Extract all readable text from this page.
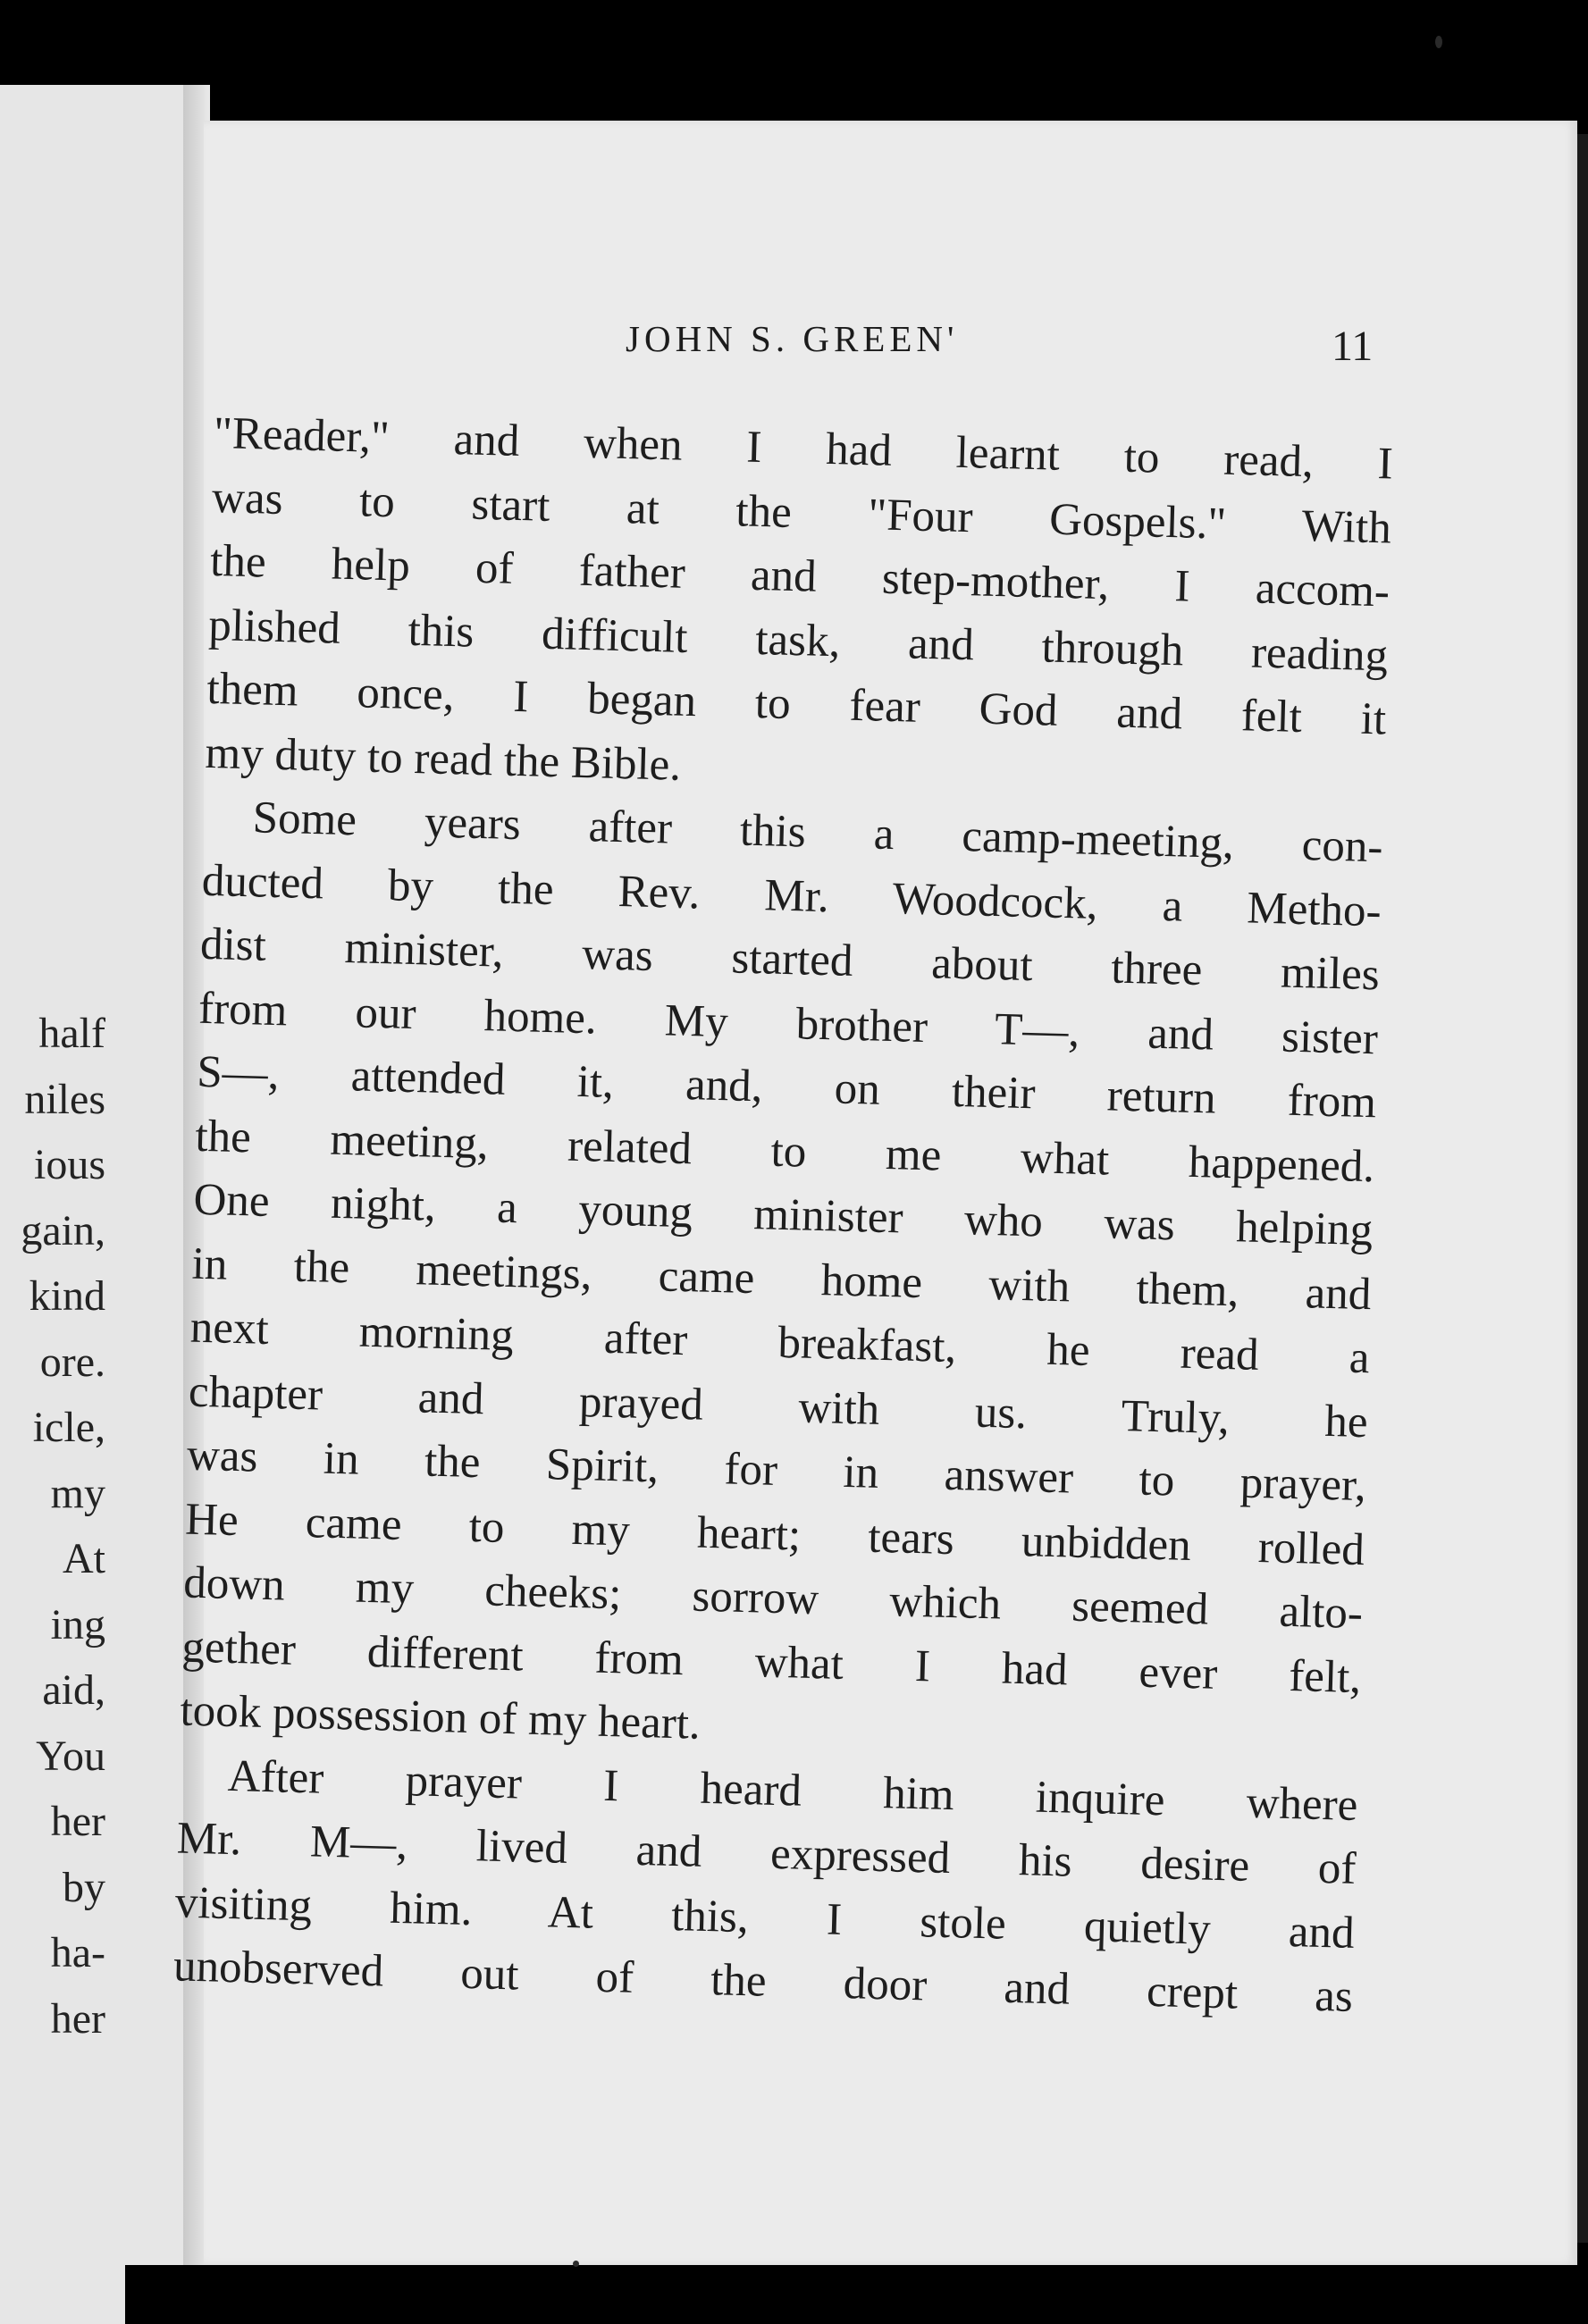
half
niles
ious
gain,
kind
ore.
icle,
my
At
ing
aid,
You
her
by
ha-
her
JOHN S. GREEN'	11

"Reader," and when I had learnt to read, I
was to start at the "Four Gospels." With
the help of father and step-mother, I accom-
plished this difficult task, and through reading
them once, I began to fear God and felt it
my duty to read the Bible.

Some years after this a camp-meeting, con-
ducted by the Rev. Mr. Woodcock, a Metho-
dist minister, was started about three miles
from our home. My brother T—, and sister
S—, attended it, and, on their return from
the meeting, related to me what happened.
One night, a young minister who was helping
in the meetings, came home with them, and
next morning after breakfast, he read a
chapter and prayed with us. Truly, he
was in the Spirit, for in answer to prayer,
He came to my heart; tears unbidden rolled
down my cheeks; sorrow which seemed alto-
gether different from what I had ever felt,
took possession of my heart.

After prayer I heard him inquire where
Mr. M—, lived and expressed his desire of
visiting him. At this, I stole quietly and
unobserved out of the door and crept as
